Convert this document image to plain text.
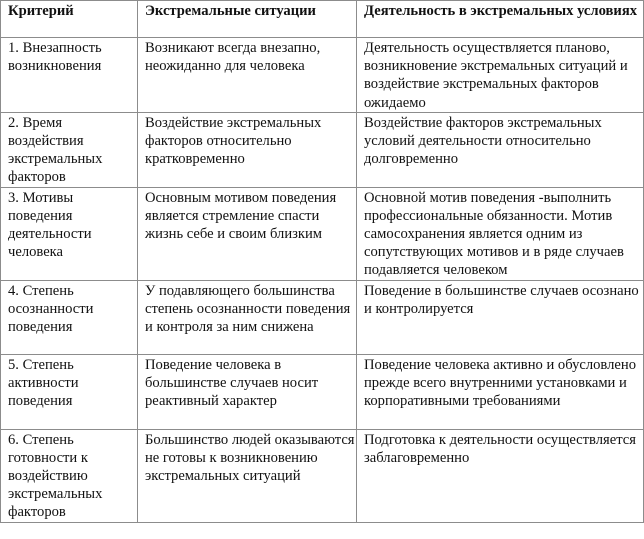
Критерий	Экстремальные ситуации	Деятельность в экстремальных условиях
1. Внезапность возникновения	Возникают всегда внезапно, неожиданно для человека	Деятельность осуществляется планово, возникновение экстремальных ситуаций и воздействие экстремальных факторов ожидаемо
2. Время воздействия экстремальных факторов	Воздействие экстремальных факторов относительно кратковременно	Воздействие факторов экстремальных условий деятельности относительно долговременно
3. Мотивы поведения деятельности человека	Основным мотивом поведения является стремление спасти жизнь себе и своим близким	Основной мотив поведения -выполнить профессиональные обязанности. Мотив самосохранения является одним из сопутствующих мотивов и в ряде случаев подавляется человеком
4. Степень осознанности поведения	У подавляющего большинства степень осознанности поведения и контроля за ним снижена	Поведение в большинстве случаев осознано и контролируется
5. Степень активности поведения	Поведение человека в большинстве случаев носит реактивный характер	Поведение человека активно и обусловлено прежде всего внутренними установками и корпоративными требованиями
6. Степень готовности к воздействию экстремальных факторов	Большинство людей оказываются не готовы к возникновению экстремальных ситуаций	Подготовка к деятельности осуществляется заблаговременно
